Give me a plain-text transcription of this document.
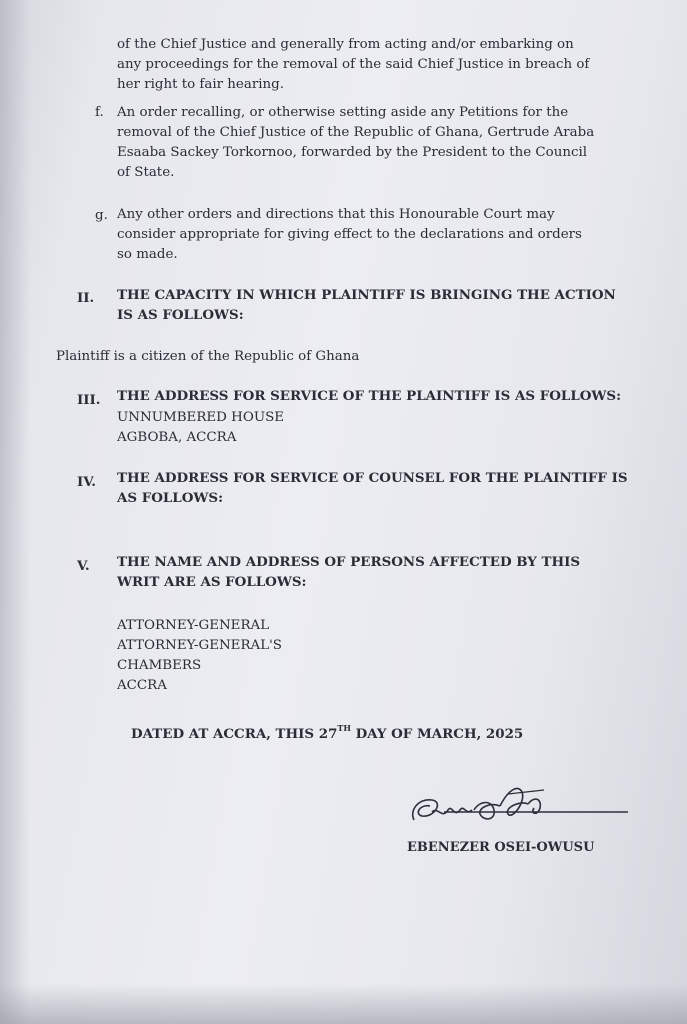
of the Chief Justice and generally from acting and/or embarking on
any proceedings for the removal of the said Chief Justice in breach of
her right to fair hearing.
f. An order recalling, or otherwise setting aside any Petitions for the
removal of the Chief Justice of the Republic of Ghana, Gertrude Araba
Esaaba Sackey Torkornoo, forwarded by the President to the Council
of State.
g. Any other orders and directions that this Honourable Court may
consider appropriate for giving effect to the declarations and orders
so made.
II. THE CAPACITY IN WHICH PLAINTIFF IS BRINGING THE ACTION
IS AS FOLLOWS:
Plaintiff is a citizen of the Republic of Ghana
III. THE ADDRESS FOR SERVICE OF THE PLAINTIFF IS AS FOLLOWS:
UNNUMBERED HOUSE
AGBOBA, ACCRA
IV. THE ADDRESS FOR SERVICE OF COUNSEL FOR THE PLAINTIFF IS
AS FOLLOWS:
V. THE NAME AND ADDRESS OF PERSONS AFFECTED BY THIS
WRIT ARE AS FOLLOWS:
ATTORNEY-GENERAL
ATTORNEY-GENERAL'S
CHAMBERS
ACCRA
DATED AT ACCRA, THIS 27TH DAY OF MARCH, 2025
EBENEZER OSEI-OWUSU
